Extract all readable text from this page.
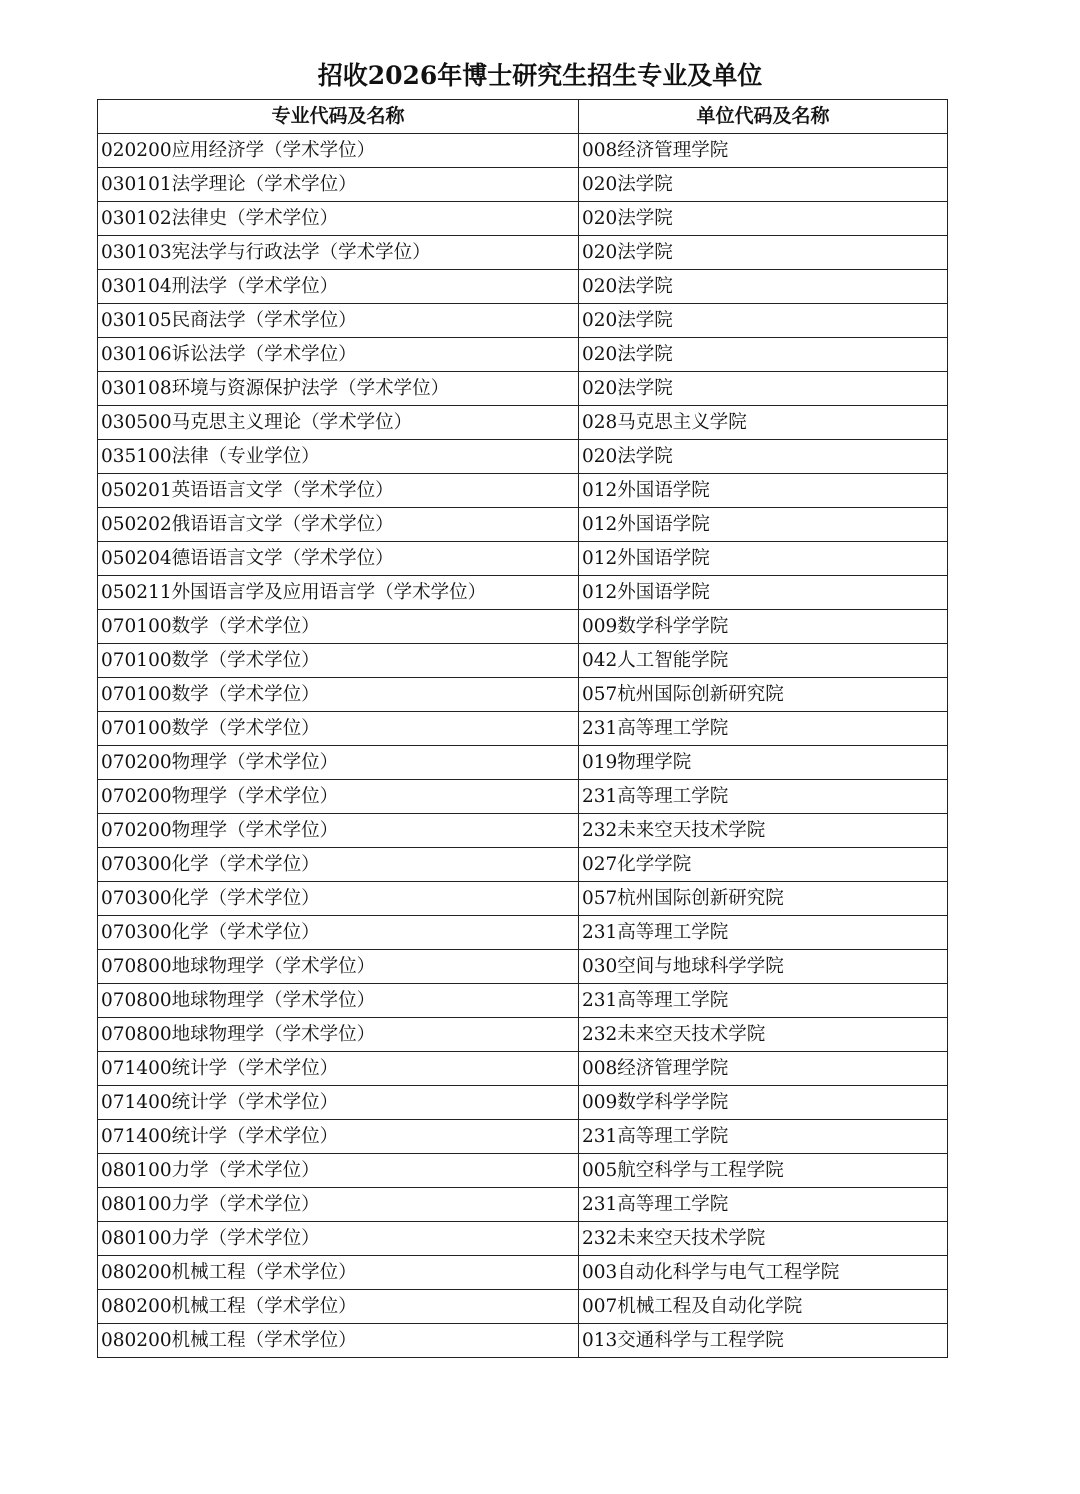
招收2026年博士研究生招生专业及单位
专业代码及名称	单位代码及名称
020200应用经济学（学术学位）	008经济管理学院
030101法学理论（学术学位）	020法学院
030102法律史（学术学位）	020法学院
030103宪法学与行政法学（学术学位）	020法学院
030104刑法学（学术学位）	020法学院
030105民商法学（学术学位）	020法学院
030106诉讼法学（学术学位）	020法学院
030108环境与资源保护法学（学术学位）	020法学院
030500马克思主义理论（学术学位）	028马克思主义学院
035100法律（专业学位）	020法学院
050201英语语言文学（学术学位）	012外国语学院
050202俄语语言文学（学术学位）	012外国语学院
050204德语语言文学（学术学位）	012外国语学院
050211外国语言学及应用语言学（学术学位）	012外国语学院
070100数学（学术学位）	009数学科学学院
070100数学（学术学位）	042人工智能学院
070100数学（学术学位）	057杭州国际创新研究院
070100数学（学术学位）	231高等理工学院
070200物理学（学术学位）	019物理学院
070200物理学（学术学位）	231高等理工学院
070200物理学（学术学位）	232未来空天技术学院
070300化学（学术学位）	027化学学院
070300化学（学术学位）	057杭州国际创新研究院
070300化学（学术学位）	231高等理工学院
070800地球物理学（学术学位）	030空间与地球科学学院
070800地球物理学（学术学位）	231高等理工学院
070800地球物理学（学术学位）	232未来空天技术学院
071400统计学（学术学位）	008经济管理学院
071400统计学（学术学位）	009数学科学学院
071400统计学（学术学位）	231高等理工学院
080100力学（学术学位）	005航空科学与工程学院
080100力学（学术学位）	231高等理工学院
080100力学（学术学位）	232未来空天技术学院
080200机械工程（学术学位）	003自动化科学与电气工程学院
080200机械工程（学术学位）	007机械工程及自动化学院
080200机械工程（学术学位）	013交通科学与工程学院
